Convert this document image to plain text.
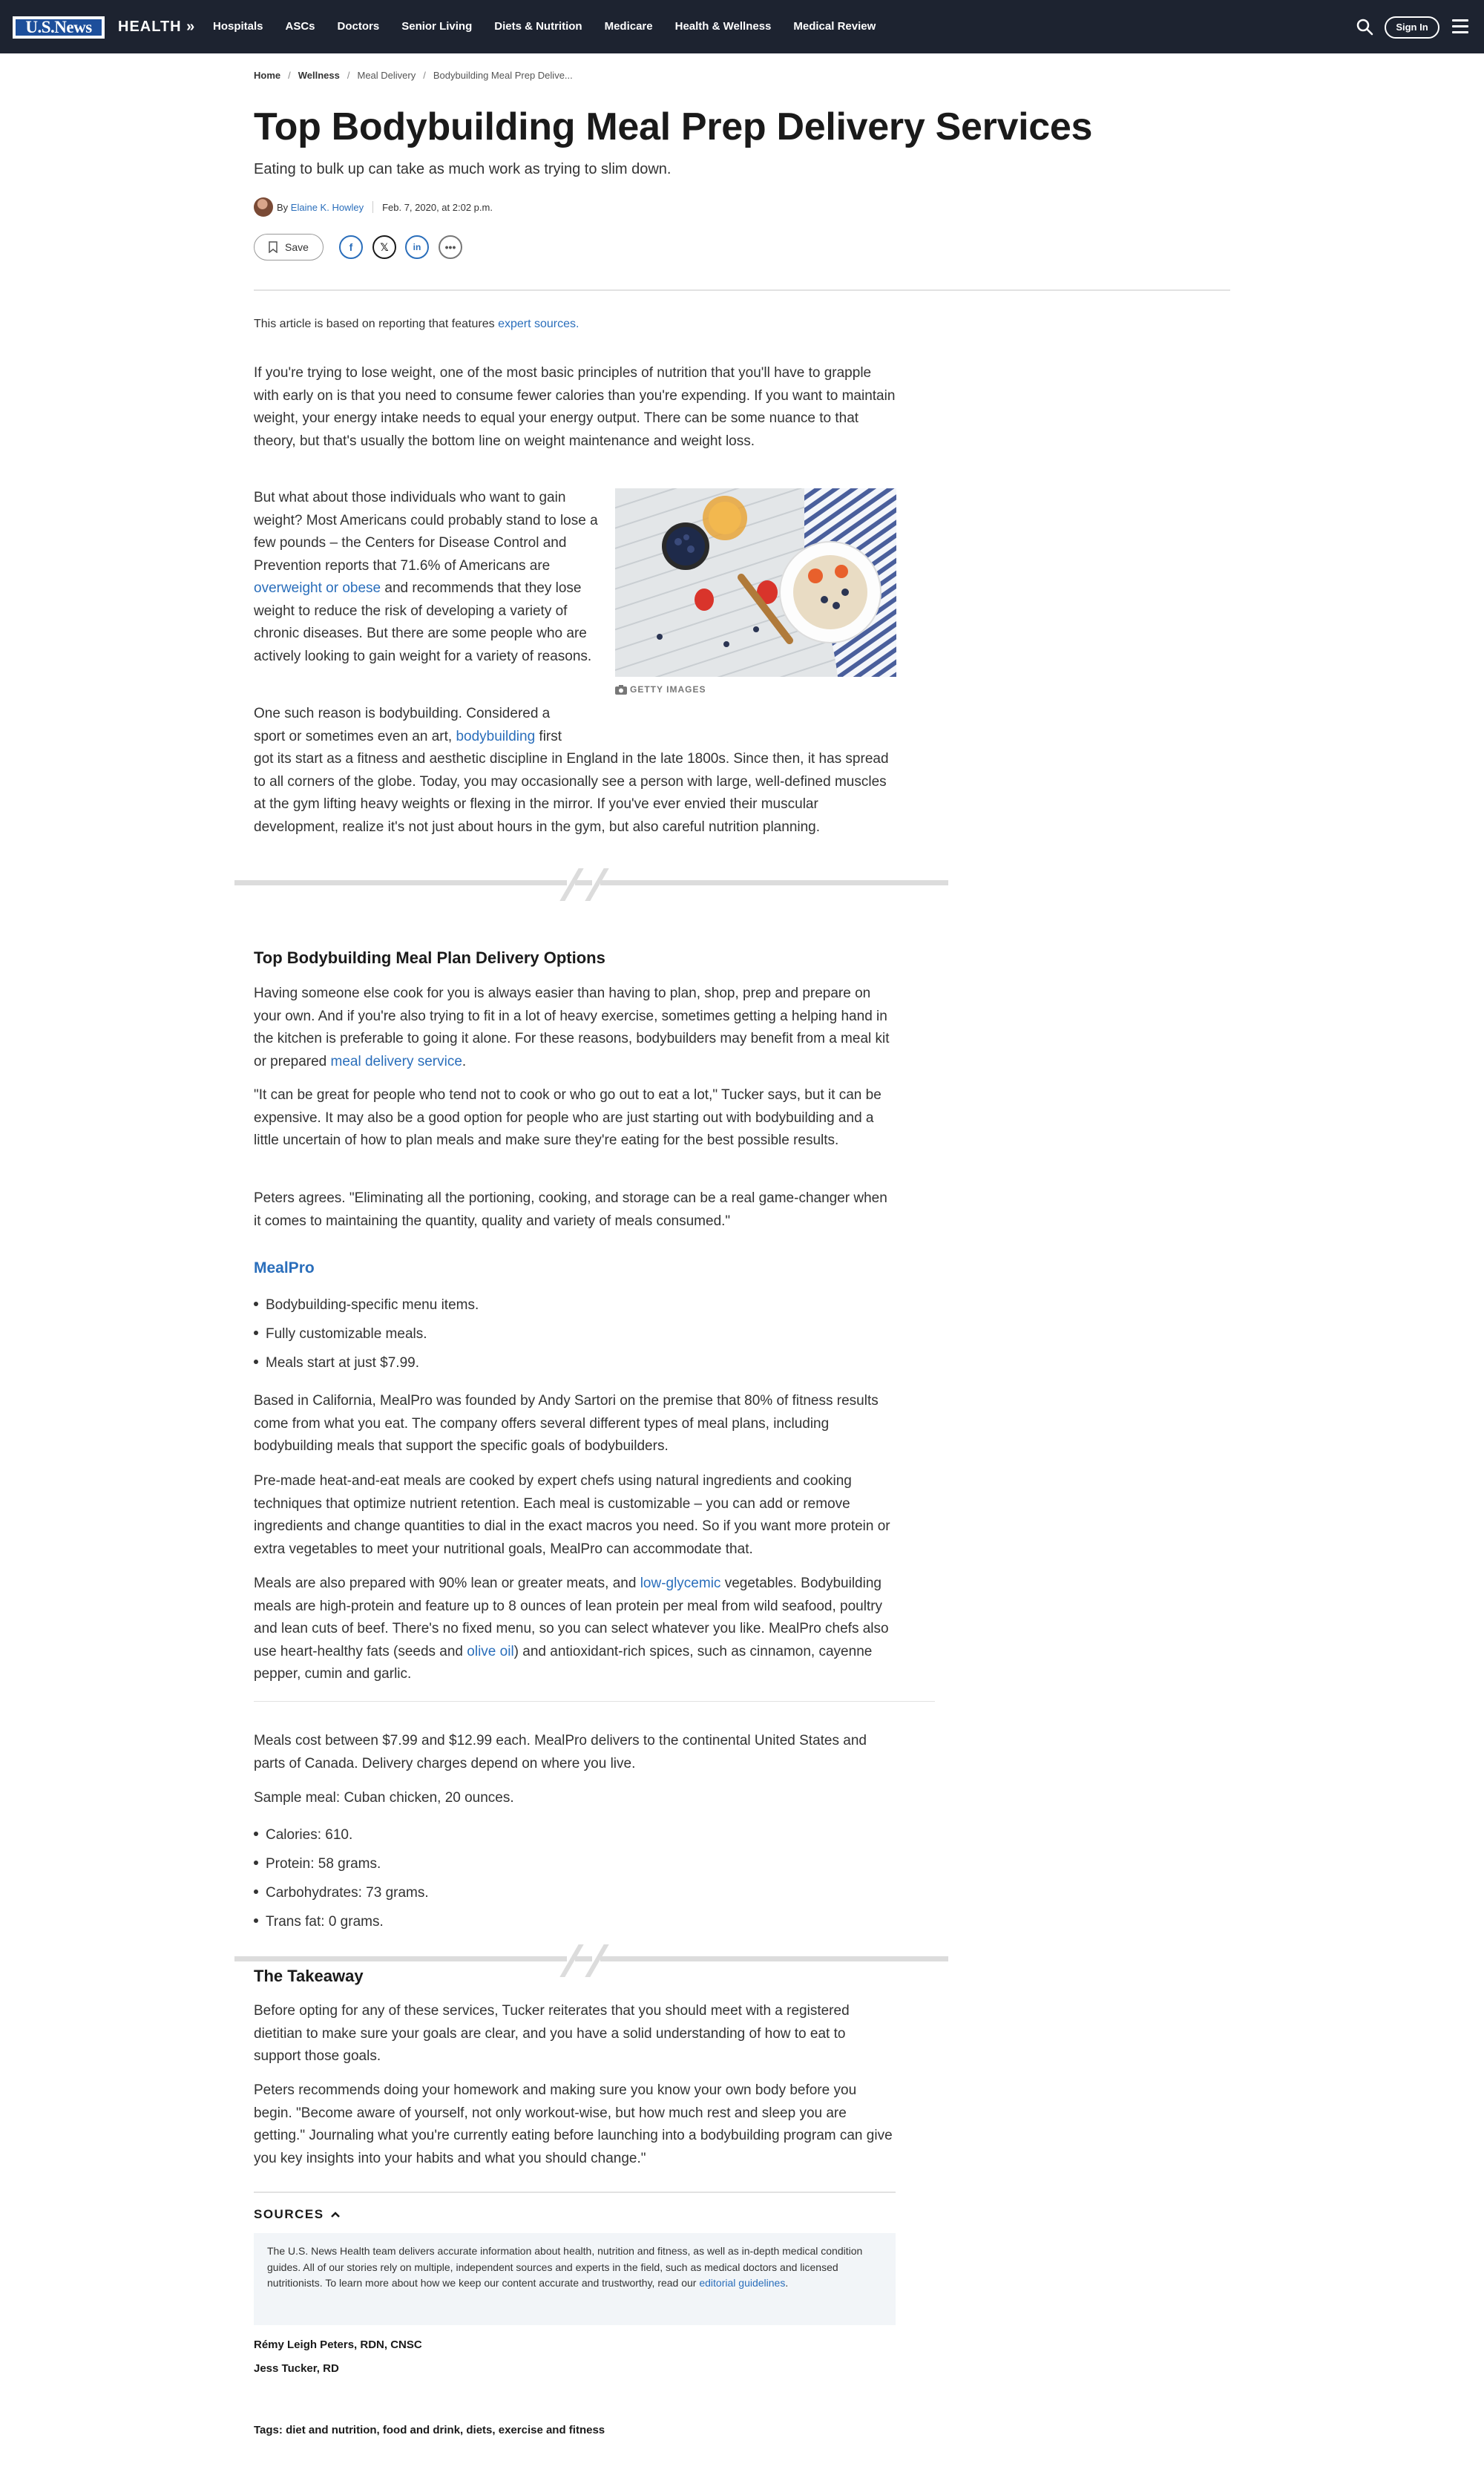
U.S.News	HEALTH » Hospitals ASCs Doctors Senior Living Diets & Nutrition Medicare Health & Wellness Medical Review	Sign In
Home / Wellness / Meal Delivery / Bodybuilding Meal Prep Delive...
Top Bodybuilding Meal Prep Delivery Services
Eating to bulk up can take as much work as trying to slim down.
By
Elaine K. Howley Feb. 7, 2020, at 2:02 p.m.
Save	f	𝕏	in	•••
This article is based on reporting that features expert sources.

If you're trying to lose weight, one of the most basic principles of nutrition that you'll have to grapple with early on is that you need to consume fewer calories than you're expending. If you want to maintain weight, your energy intake needs to equal your energy output. There can be some nuance to that theory, but that's usually the bottom line on weight maintenance and weight loss.

But what about those individuals who want to gain weight? Most Americans could probably stand to lose a few pounds – the Centers for Disease Control and Prevention reports that 71.6% of Americans are overweight or obese and recommends that they lose weight to reduce the risk of developing a variety of chronic diseases. But there are some people who are actively looking to gain weight for a variety of reasons.

GETTY IMAGES

One such reason is bodybuilding. Considered a
sport or sometimes even an art, bodybuilding first

got its start as a fitness and aesthetic discipline in England in the late 1800s. Since then, it has spread to all corners of the globe. Today, you may occasionally see a person with large, well-defined muscles at the gym lifting heavy weights or flexing in the mirror. If you've ever envied their muscular development, realize it's not just about hours in the gym, but also careful nutrition planning.

Top Bodybuilding Meal Plan Delivery Options

Having someone else cook for you is always easier than having to plan, shop, prep and prepare on your own. And if you're also trying to fit in a lot of heavy exercise, sometimes getting a helping hand in the kitchen is preferable to going it alone. For these reasons, bodybuilders may benefit from a meal kit or prepared meal delivery service.

"It can be great for people who tend not to cook or who go out to eat a lot," Tucker says, but it can be expensive. It may also be a good option for people who are just starting out with bodybuilding and a little uncertain of how to plan meals and make sure they're eating for the best possible results.

Peters agrees. "Eliminating all the portioning, cooking, and storage can be a real game-changer when it comes to maintaining the quantity, quality and variety of meals consumed."

MealPro
Bodybuilding-specific menu items.
Fully customizable meals.
Meals start at just $7.99.

Based in California, MealPro was founded by Andy Sartori on the premise that 80% of fitness results come from what you eat. The company offers several different types of meal plans, including bodybuilding meals that support the specific goals of bodybuilders.

Pre-made heat-and-eat meals are cooked by expert chefs using natural ingredients and cooking techniques that optimize nutrient retention. Each meal is customizable – you can add or remove ingredients and change quantities to dial in the exact macros you need. So if you want more protein or extra vegetables to meet your nutritional goals, MealPro can accommodate that.

Meals are also prepared with 90% lean or greater meats, and low-glycemic vegetables. Bodybuilding meals are high-protein and feature up to 8 ounces of lean protein per meal from wild seafood, poultry and lean cuts of beef. There's no fixed menu, so you can select whatever you like. MealPro chefs also use heart-healthy fats (seeds and olive oil) and antioxidant-rich spices, such as cinnamon, cayenne pepper, cumin and garlic.

Meals cost between $7.99 and $12.99 each. MealPro delivers to the continental United States and parts of Canada. Delivery charges depend on where you live.

Sample meal: Cuban chicken, 20 ounces.

Calories: 610.
Protein: 58 grams.
Carbohydrates: 73 grams.
Trans fat: 0 grams.
The Takeaway

Before opting for any of these services, Tucker reiterates that you should meet with a registered dietitian to make sure your goals are clear, and you have a solid understanding of how to eat to support those goals.

Peters recommends doing your homework and making sure you know your own body before you begin. "Become aware of yourself, not only workout-wise, but how much rest and sleep you are getting." Journaling what you're currently eating before launching into a bodybuilding program can give you key insights into your habits and what you should change."

SOURCES
The U.S. News Health team delivers accurate information about health, nutrition and fitness, as well as in-depth medical condition guides. All of our stories rely on multiple, independent sources and experts in the field, such as medical doctors and licensed nutritionists. To learn more about how we keep our content accurate and trustworthy, read our editorial guidelines.
Rémy Leigh Peters, RDN, CNSC
Jess Tucker, RD
Tags: diet and nutrition, food and drink, diets, exercise and fitness
